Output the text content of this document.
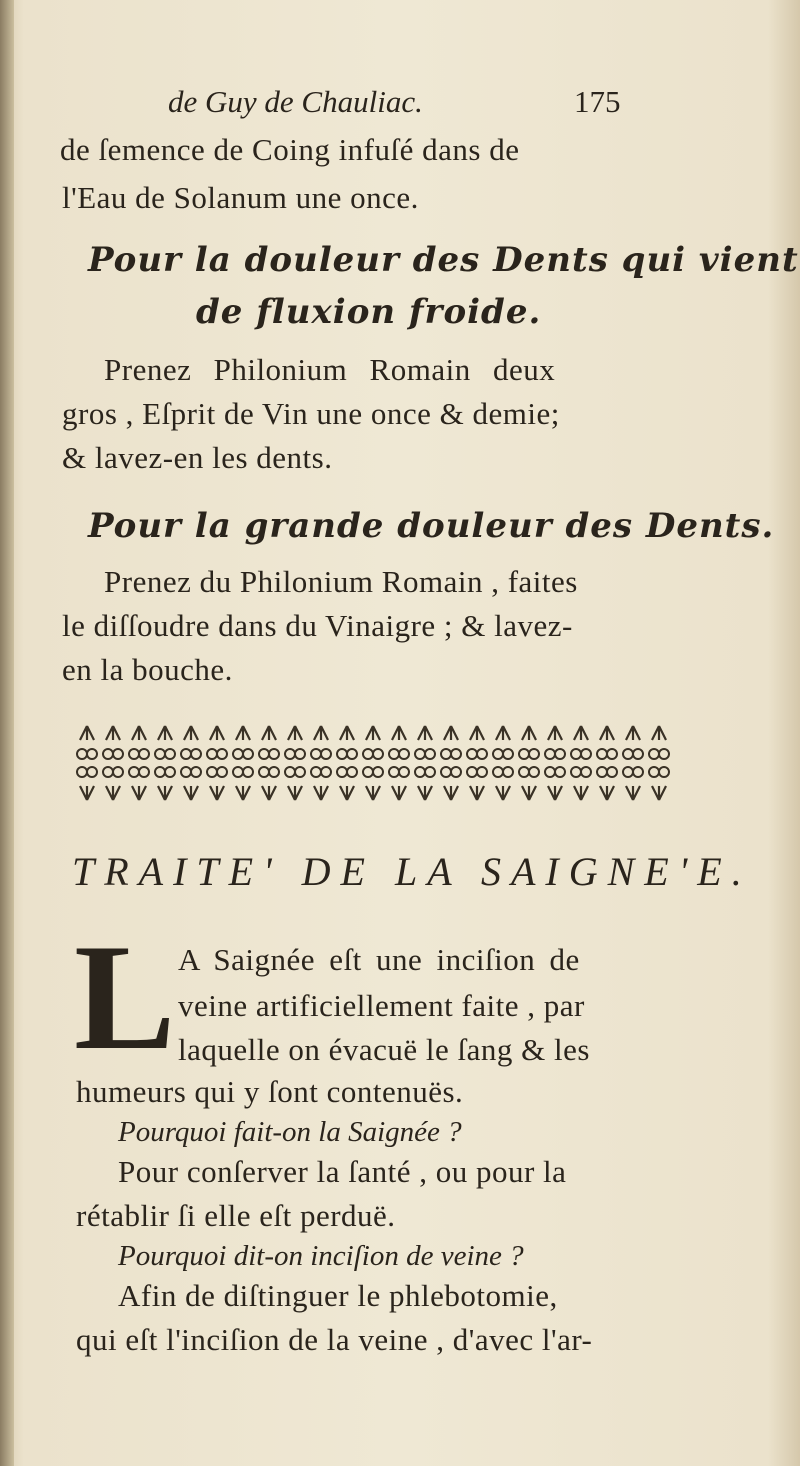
de Guy de Chauliac.	175
de ſemence de Coing infuſé dans de
l'Eau de Solanum une once.
Pour la douleur des Dents qui vient
de fluxion froide.
Prenez Philonium Romain deux
gros , Eſprit de Vin une once & demie;
& lavez-en les dents.
Pour la grande douleur des Dents.
Prenez du Philonium Romain , faites
le diſſoudre dans du Vinaigre ; & lavez-
en la bouche.
TRAITE' DE LA SAIGNE'E.
L A Saignée eſt une inciſion de
veine artificiellement faite , par
laquelle on évacuë le ſang & les
humeurs qui y ſont contenuës.
Pourquoi fait-on la Saignée ?
Pour conſerver la ſanté , ou pour la
rétablir ſi elle eſt perduë.
Pourquoi dit-on inciſion de veine ?
Afin de diſtinguer le phlebotomie,
qui eſt l'inciſion de la veine , d'avec l'ar-
